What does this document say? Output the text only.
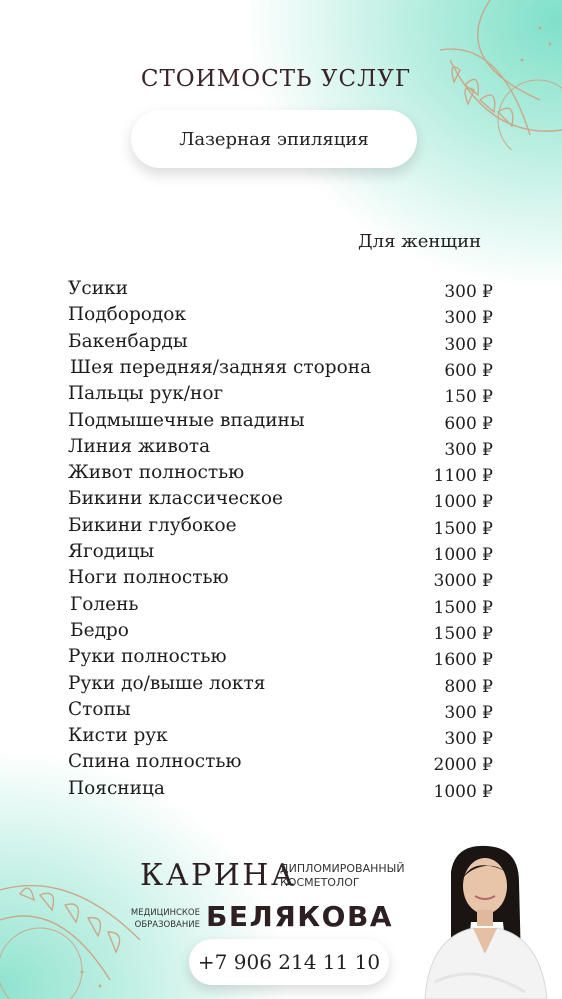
СТОИМОСТЬ УСЛУГ
Лазерная эпиляция
Для женщин
Усики	300 ₽
Подбородок	300 ₽
Бакенбарды	300 ₽
Шея передняя/задняя сторона	600 ₽
Пальцы рук/ног	150 ₽
Подмышечные впадины	600 ₽
Линия живота	300 ₽
Живот полностью	1100 ₽
Бикини классическое	1000 ₽
Бикини глубокое	1500 ₽
Ягодицы	1000 ₽
Ноги полностью	3000 ₽
Голень	1500 ₽
Бедро	1500 ₽
Руки полностью	1600 ₽
Руки до/выше локтя	800 ₽
Стопы	300 ₽
Кисти рук	300 ₽
Спина полностью	2000 ₽
Поясница	1000 ₽
КАРИНА
ДИПЛОМИРОВАННЫЙ
КОСМЕТОЛОГ
МЕДИЦИНСКОЕ
ОБРАЗОВАНИЕ БЕЛЯКОВА
+7 906 214 11 10
